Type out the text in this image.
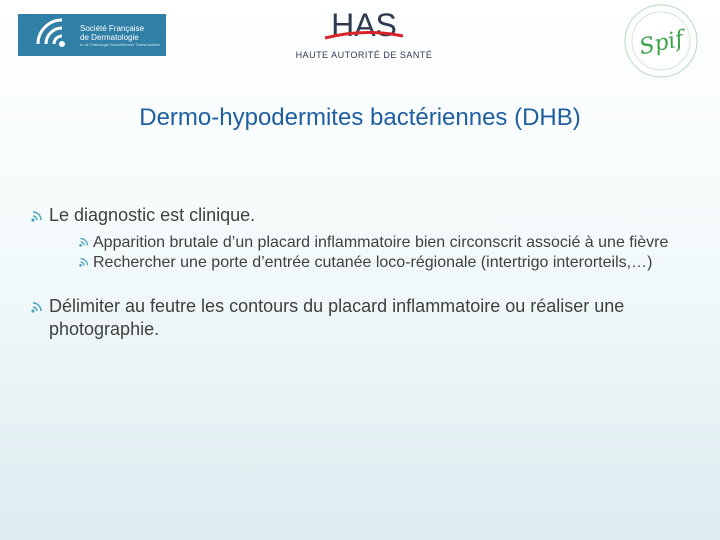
Société Française
de Dermatologie
et de Pathologie Sexuellement Transmissible
HAS
HAUTE AUTORITÉ DE SANTÉ	Spif
Dermo-hypodermites bactériennes (DHB)
Le diagnostic est clinique.
Apparition brutale d’un placard inflammatoire bien circonscrit associé à une fièvre
Rechercher une porte d’entrée cutanée loco-régionale (intertrigo interorteils,…)
Délimiter au feutre les contours du placard inflammatoire ou réaliser une photographie.
